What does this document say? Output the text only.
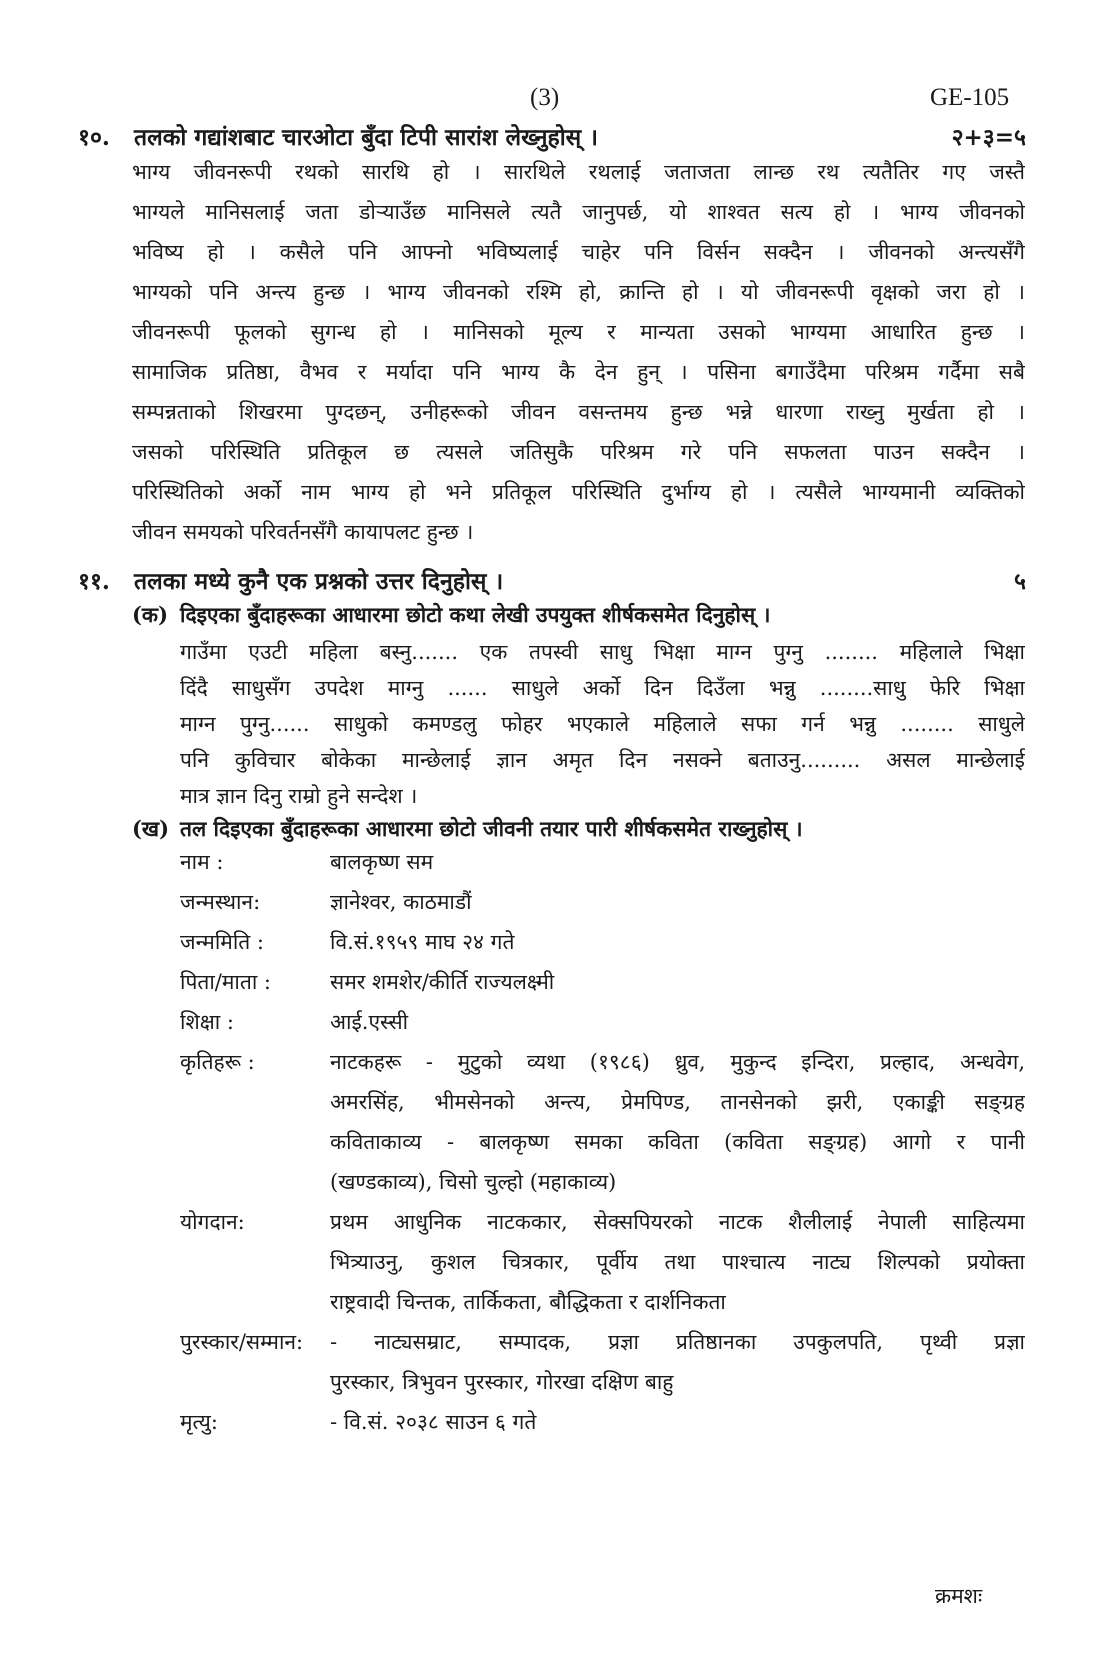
(3)	GE-105
१०.	तलको गद्यांशबाट चारओटा बुँदा टिपी सारांश लेख्नुहोस् ।	२+३=५
भाग्य जीवनरूपी रथको सारथि हो । सारथिले रथलाई जताजता लान्छ रथ त्यतैतिर गए जस्तै
भाग्यले मानिसलाई जता डोऱ्याउँछ मानिसले त्यतै जानुपर्छ, यो शाश्वत सत्य हो । भाग्य जीवनको
भविष्य हो । कसैले पनि आफ्नो भविष्यलाई चाहेर पनि विर्सन सक्दैन । जीवनको अन्त्यसँगै
भाग्यको पनि अन्त्य हुन्छ । भाग्य जीवनको रश्मि हो, क्रान्ति हो । यो जीवनरूपी वृक्षको जरा हो ।
जीवनरूपी फूलको सुगन्ध हो । मानिसको मूल्य र मान्यता उसको भाग्यमा आधारित हुन्छ ।
सामाजिक प्रतिष्ठा, वैभव र मर्यादा पनि भाग्य कै देन हुन् । पसिना बगाउँदैमा परिश्रम गर्दैमा सबै
सम्पन्नताको शिखरमा पुग्दछन्, उनीहरूको जीवन वसन्तमय हुन्छ भन्ने धारणा राख्नु मुर्खता हो ।
जसको परिस्थिति प्रतिकूल छ त्यसले जतिसुकै परिश्रम गरे पनि सफलता पाउन सक्दैन ।
परिस्थितिको अर्को नाम भाग्य हो भने प्रतिकूल परिस्थिति दुर्भाग्य हो । त्यसैले भाग्यमानी व्यक्तिको
जीवन समयको परिवर्तनसँगै कायापलट हुन्छ ।
११.	तलका मध्ये कुनै एक प्रश्नको उत्तर दिनुहोस् ।	५
(क) दिइएका बुँदाहरूका आधारमा छोटो कथा लेखी उपयुक्त शीर्षकसमेत दिनुहोस् ।
गाउँमा एउटी महिला बस्नु....... एक तपस्वी साधु भिक्षा माग्न पुग्नु ........ महिलाले भिक्षा
दिंदै साधुसँग उपदेश माग्नु ...... साधुले अर्को दिन दिउँला भन्नु ........साधु फेरि भिक्षा
माग्न पुग्नु...... साधुको कमण्डलु फोहर भएकाले महिलाले सफा गर्न भन्नु ........ साधुले
पनि कुविचार बोकेका मान्छेलाई ज्ञान अमृत दिन नसक्ने बताउनु......... असल मान्छेलाई
मात्र ज्ञान दिनु राम्रो हुने सन्देश ।
(ख) तल दिइएका बुँदाहरूका आधारमा छोटो जीवनी तयार पारी शीर्षकसमेत राख्नुहोस् ।
नाम :	बालकृष्ण सम
जन्मस्थान:	ज्ञानेश्वर, काठमाडौं
जन्ममिति :	वि.सं.१९५९ माघ २४ गते
पिता/माता :	समर शमशेर/कीर्ति राज्यलक्ष्मी
शिक्षा :	आई.एस्सी
कृतिहरू :	नाटकहरू - मुटुको व्यथा (१९८६) ध्रुव, मुकुन्द इन्दिरा, प्रल्हाद, अन्धवेग,
अमरसिंह, भीमसेनको अन्त्य, प्रेमपिण्ड, तानसेनको झरी, एकाङ्की सङ्ग्रह
कविताकाव्य - बालकृष्ण समका कविता (कविता सङ्ग्रह) आगो र पानी
(खण्डकाव्य), चिसो चुल्हो (महाकाव्य)
योगदान:	प्रथम आधुनिक नाटककार, सेक्सपियरको नाटक शैलीलाई नेपाली साहित्यमा
भित्र्याउनु, कुशल चित्रकार, पूर्वीय तथा पाश्चात्य नाट्य शिल्पको प्रयोक्ता
राष्ट्रवादी चिन्तक, तार्किकता, बौद्धिकता र दार्शनिकता
पुरस्कार/सम्मान:	- नाट्यसम्राट, सम्पादक, प्रज्ञा प्रतिष्ठानका उपकुलपति, पृथ्वी प्रज्ञा
पुरस्कार, त्रिभुवन पुरस्कार, गोरखा दक्षिण बाहु
मृत्यु:	- वि.सं. २०३८ साउन ६ गते
क्रमशः
